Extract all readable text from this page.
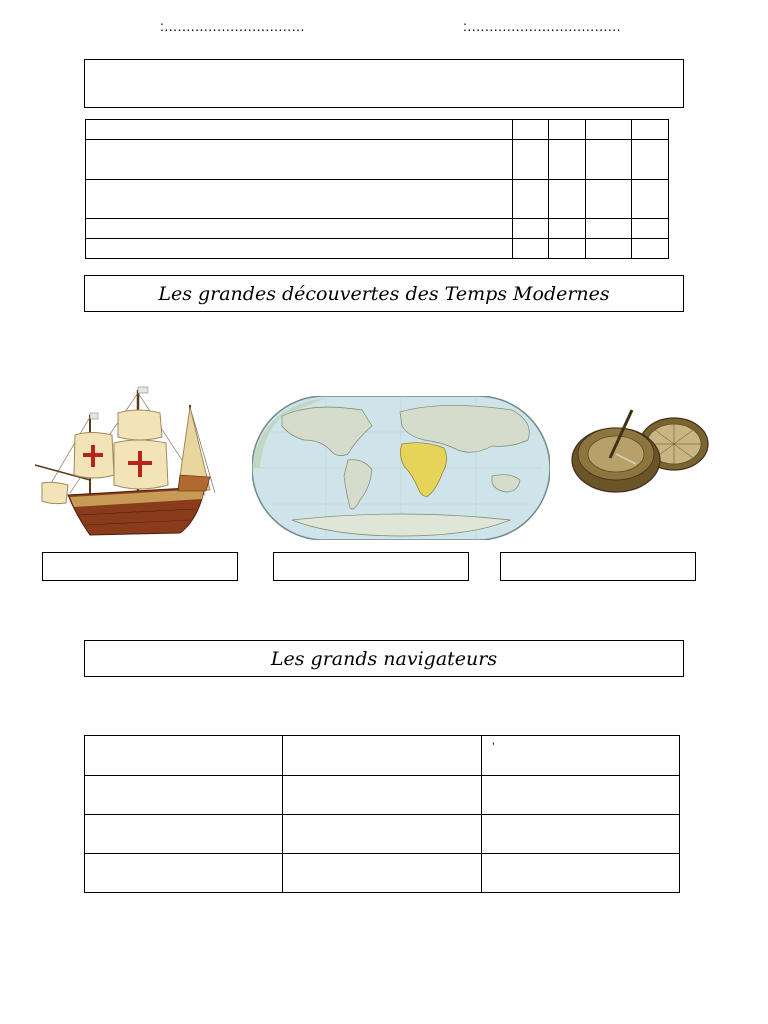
:................................	:...................................

Les grandes découvertes des Temps Modernes
Les grands navigateurs
		’
